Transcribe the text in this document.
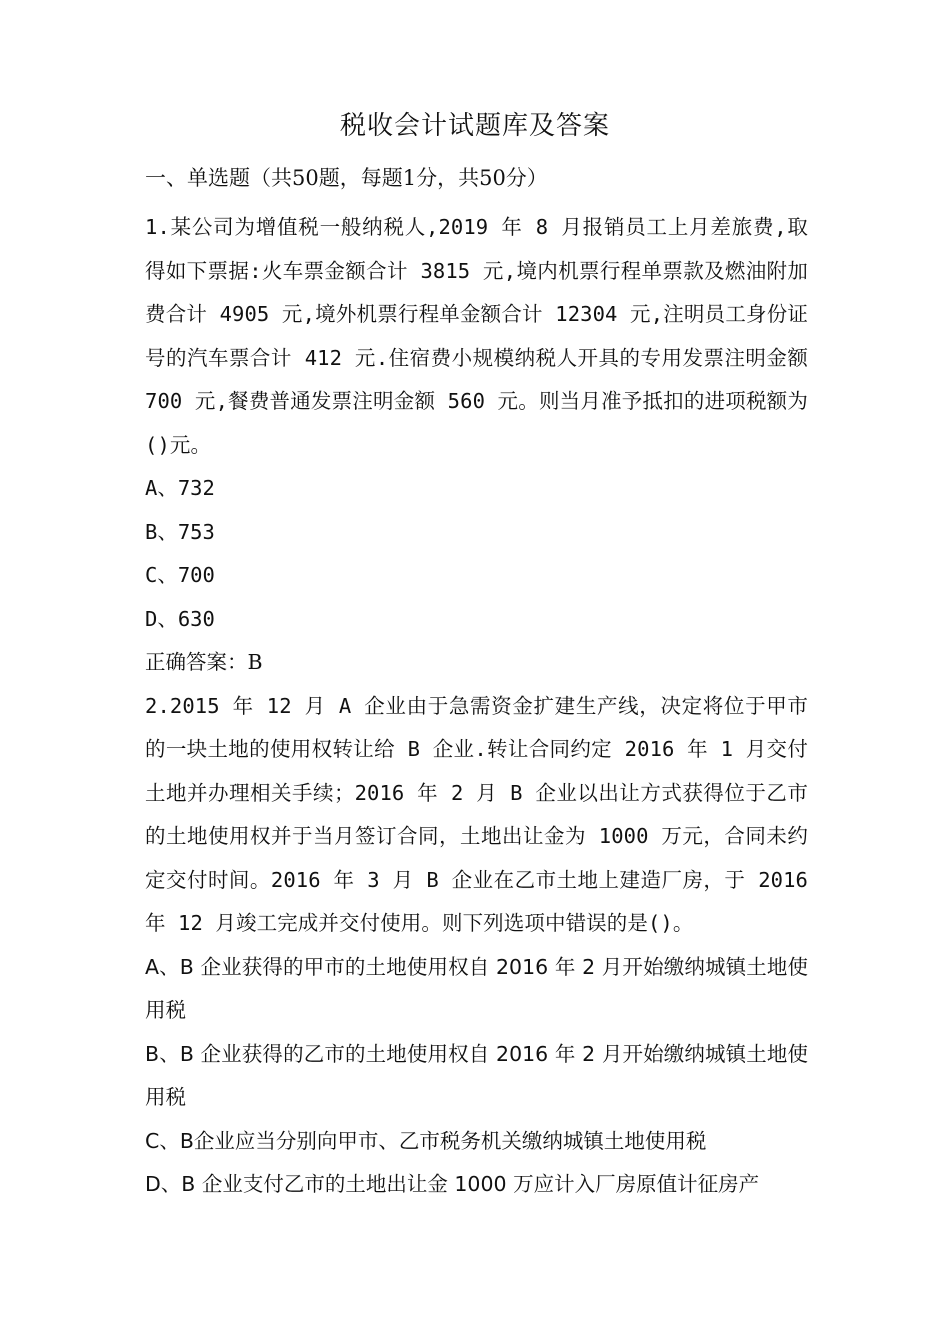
税收会计试题库及答案
一、单选题（共50题，每题1分，共50分）

1.某公司为增值税一般纳税人,2019 年 8 月报销员工上月差旅费,取得如下票据:火车票金额合计 3815 元,境内机票行程单票款及燃油附加费合计 4905 元,境外机票行程单金额合计 12304 元,注明员工身份证号的汽车票合计 412 元.住宿费小规模纳税人开具的专用发票注明金额 700 元,餐费普通发票注明金额 560 元。则当月准予抵扣的进项税额为()元。

A、732

B、753

C、700

D、630

正确答案：B

2.2015 年 12 月 A 企业由于急需资金扩建生产线，决定将位于甲市的一块土地的使用权转让给 B 企业.转让合同约定 2016 年 1 月交付土地并办理相关手续；2016 年 2 月 B 企业以出让方式获得位于乙市的土地使用权并于当月签订合同，土地出让金为 1000 万元，合同未约定交付时间。2016 年 3 月 B 企业在乙市土地上建造厂房，于 2016 年 12 月竣工完成并交付使用。则下列选项中错误的是()。

A、B 企业获得的甲市的土地使用权自 2016 年 2 月开始缴纳城镇土地使用税

B、B 企业获得的乙市的土地使用权自 2016 年 2 月开始缴纳城镇土地使用税

C、B企业应当分别向甲市、乙市税务机关缴纳城镇土地使用税

D、B 企业支付乙市的土地出让金 1000 万应计入厂房原值计征房产
